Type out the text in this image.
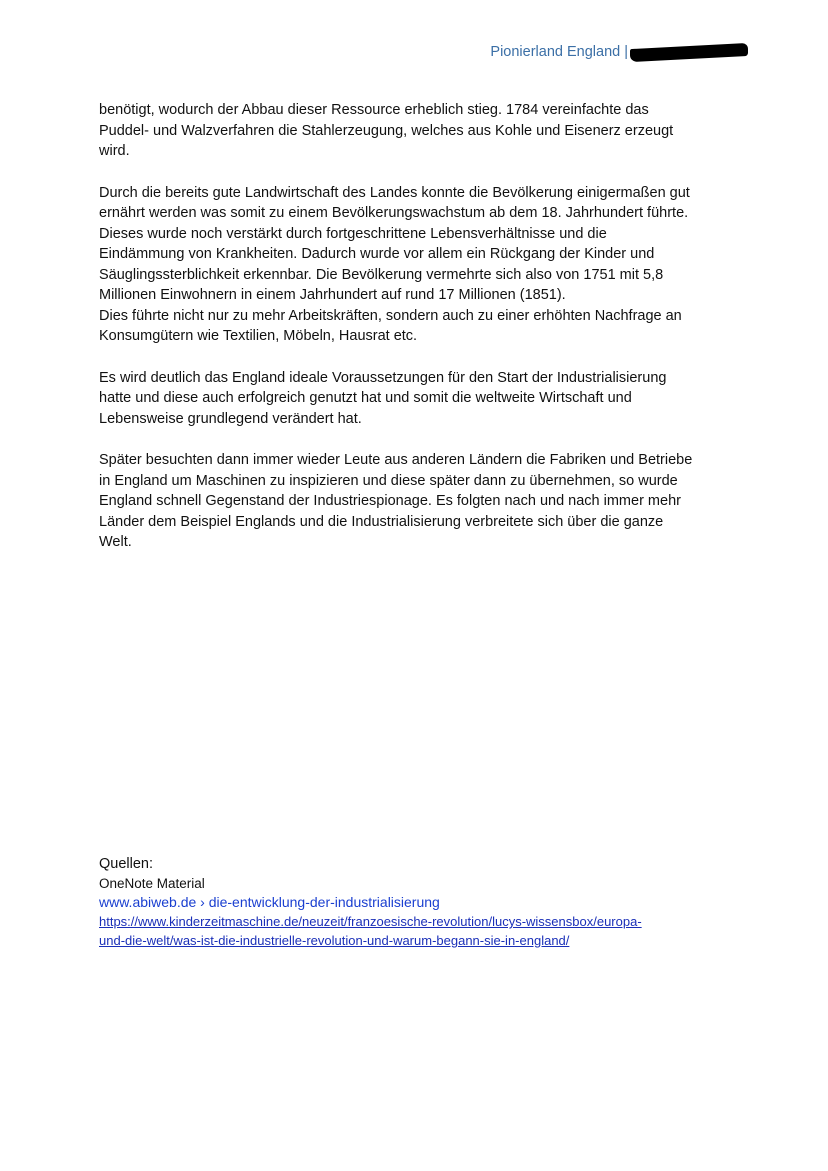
Pionierland England |

benötigt, wodurch der Abbau dieser Ressource erheblich stieg. 1784 vereinfachte das
Puddel- und Walzverfahren die Stahlerzeugung, welches aus Kohle und Eisenerz erzeugt
wird.

Durch die bereits gute Landwirtschaft des Landes konnte die Bevölkerung einigermaßen gut
ernährt werden was somit zu einem Bevölkerungswachstum ab dem 18. Jahrhundert führte.
Dieses wurde noch verstärkt durch fortgeschrittene Lebensverhältnisse und die
Eindämmung von Krankheiten. Dadurch wurde vor allem ein Rückgang der Kinder und
Säuglingssterblichkeit erkennbar. Die Bevölkerung vermehrte sich also von 1751 mit 5,8
Millionen Einwohnern in einem Jahrhundert auf rund 17 Millionen (1851).
Dies führte nicht nur zu mehr Arbeitskräften, sondern auch zu einer erhöhten Nachfrage an
Konsumgütern wie Textilien, Möbeln, Hausrat etc.

Es wird deutlich das England ideale Voraussetzungen für den Start der Industrialisierung
hatte und diese auch erfolgreich genutzt hat und somit die weltweite Wirtschaft und
Lebensweise grundlegend verändert hat.

Später besuchten dann immer wieder Leute aus anderen Ländern die Fabriken und Betriebe
in England um Maschinen zu inspizieren und diese später dann zu übernehmen, so wurde
England schnell Gegenstand der Industriespionage. Es folgten nach und nach immer mehr
Länder dem Beispiel Englands und die Industrialisierung verbreitete sich über die ganze
Welt.

Quellen:
OneNote Material
www.abiweb.de › die-entwicklung-der-industrialisierung
https://www.kinderzeitmaschine.de/neuzeit/franzoesische-revolution/lucys-wissensbox/europa-
und-die-welt/was-ist-die-industrielle-revolution-und-warum-begann-sie-in-england/
